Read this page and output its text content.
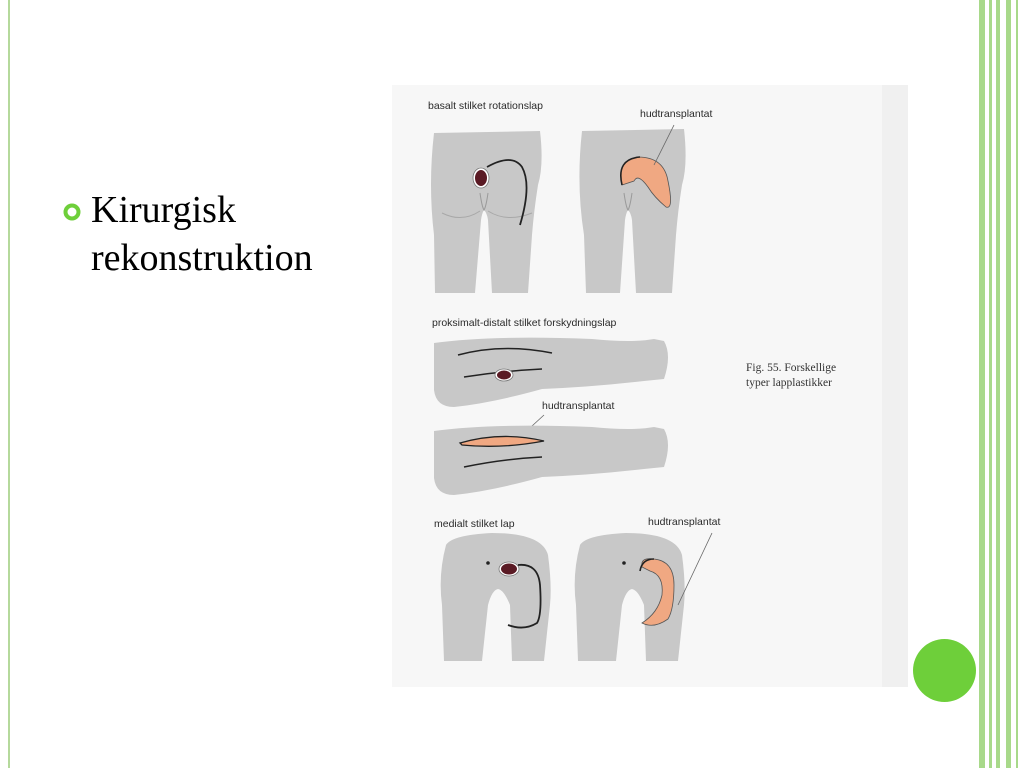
Kirurgisk
rekonstruktion
basalt stilket rotationslap
hudtransplantat
proksimalt-distalt stilket forskydningslap
hudtransplantat
medialt stilket lap	hudtransplantat
Fig. 55. Forskellige
typer lapplastikker
